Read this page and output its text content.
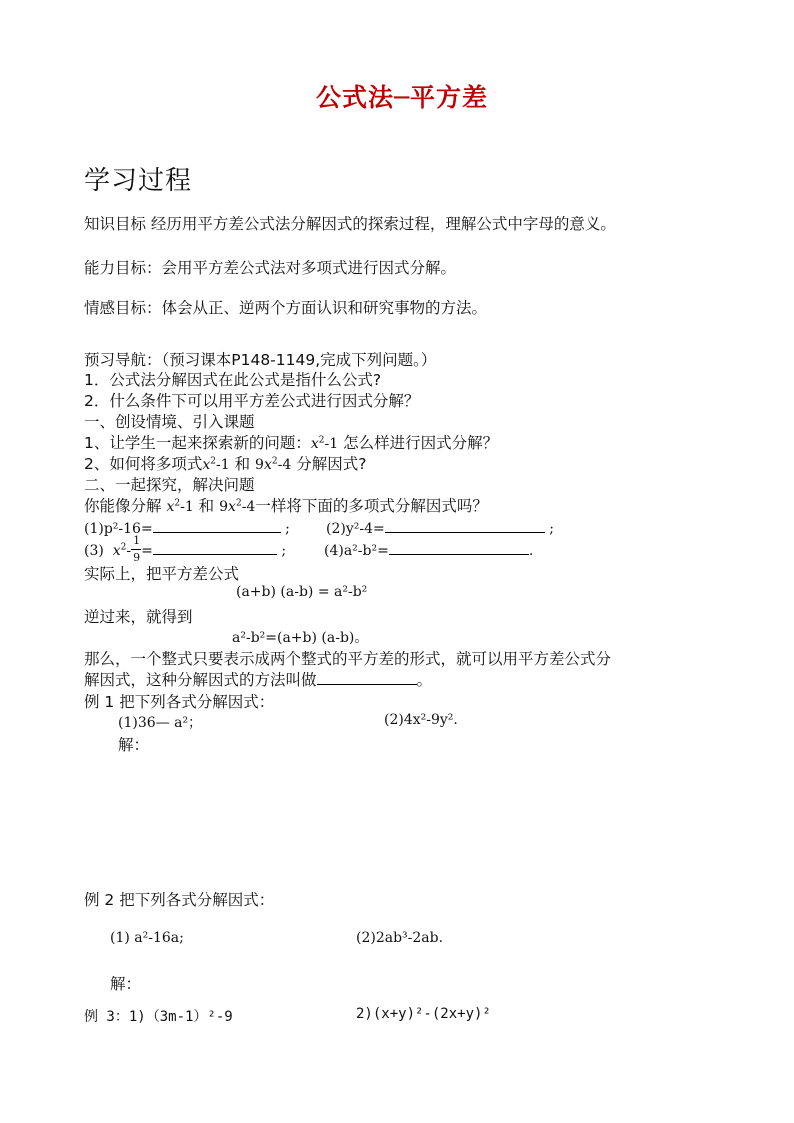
公式法─平方差
学习过程
知识目标 经历用平方差公式法分解因式的探索过程，理解公式中字母的意义。
能力目标：会用平方差公式法对多项式进行因式分解。
情感目标：体会从正、逆两个方面认识和研究事物的方法。
预习导航：（预习课本P148-1149,完成下列问题。）
1．公式法分解因式在此公式是指什么公式?
2．什么条件下可以用平方差公式进行因式分解？
一、创设情境、引入课题
1、让学生一起来探索新的问题：$x^2-1$ 怎么样进行因式分解？
2、如何将多项式$x^2-1$ 和 $9x^2-4$ 分解因式?
二、一起探究，解决问题
你能像分解 $x^2-1$ 和 $9x^2-4$一样将下面的多项式分解因式吗？
(1)p²-16=	;	(2)y²-4=	;
(3) $x^2- \frac{1}{9}$ =	;	(4)a²-b²=	.
实际上，把平方差公式
(a+b) (a-b) = a²-b²
逆过来，就得到
a²-b²=(a+b) (a-b)。
那么，一个整式只要表示成两个整式的平方差的形式，就可以用平方差公式分
解因式，这种分解因式的方法叫做	。
例 1 把下列各式分解因式：
(1)36— a²；	(2)4x²-9y².
解：
例 2 把下列各式分解因式：
(1) a²-16a;	(2)2ab³-2ab.
解：
例 3：1)（3m-1）²-9	2)(x+y)²-(2x+y)²
